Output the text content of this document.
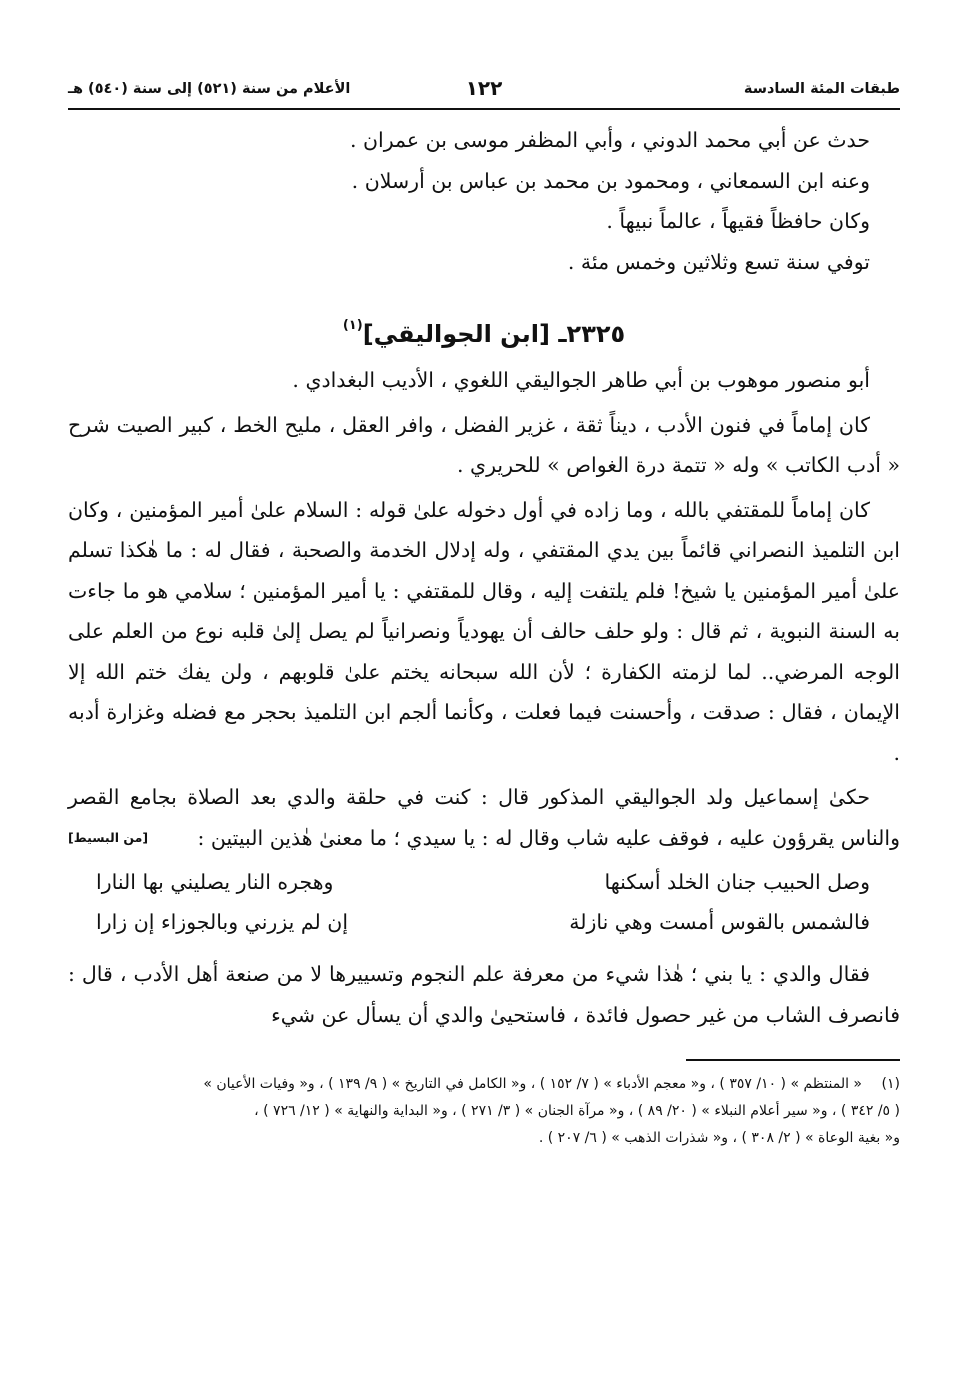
طبقات المئة السادسة
١٢٢
الأعلام من سنة (٥٢١) إلى سنة (٥٤٠) هـ

حدث عن أبي محمد الدوني ، وأبي المظفر موسى بن عمران .

وعنه ابن السمعاني ، ومحمود بن محمد بن عباس بن أرسلان .

وكان حافظاً فقيهاً ، عالماً نبيهاً .

توفي سنة تسع وثلاثين وخمس مئة .

٢٣٢٥ـ [ابن الجواليقي]$^{(١)}$

أبو منصور موهوب بن أبي طاهر الجواليقي اللغوي ، الأديب البغدادي .

كان إماماً في فنون الأدب ، ديناً ثقة ، غزير الفضل ، وافر العقل ، مليح الخط ، كبير الصيت شرح « أدب الكاتب » وله « تتمة درة الغواص » للحريري .

كان إماماً للمقتفي بالله ، وما زاده في أول دخوله علىٰ قوله : السلام علىٰ أمير المؤمنين ، وكان ابن التلميذ النصراني قائماً بين يدي المقتفي ، وله إدلال الخدمة والصحبة ، فقال له : ما هٰكذا تسلم علىٰ أمير المؤمنين يا شيخ! فلم يلتفت إليه ، وقال للمقتفي : يا أمير المؤمنين ؛ سلامي هو ما جاءت به السنة النبوية ، ثم قال : ولو حلف حالف أن يهودياً ونصرانياً لم يصل إلىٰ قلبه نوع من العلم على الوجه المرضي.. لما لزمته الكفارة ؛ لأن الله سبحانه يختم علىٰ قلوبهم ، ولن يفك ختم الله إلا الإيمان ، فقال : صدقت ، وأحسنت فيما فعلت ، وكأنما ألجم ابن التلميذ بحجر مع فضله وغزارة أدبه .

حكىٰ إسماعيل ولد الجواليقي المذكور قال : كنت في حلقة والدي بعد الصلاة بجامع القصر والناس يقرؤون عليه ، فوقف عليه شاب وقال له : يا سيدي ؛ ما معنىٰ هٰذين البيتين :
[من البسيط]

وصل الحبيب جنان الخلد أسكنها
وهجره النار يصليني بها النارا
فالشمس بالقوس أمست وهي نازلة
إن لم يزرني وبالجوزاء إن زارا

فقال والدي : يا بني ؛ هٰذا شيء من معرفة علم النجوم وتسييرها لا من صنعة أهل الأدب ، قال : فانصرف الشاب من غير حصول فائدة ، فاستحيىٰ والدي أن يسأل عن شيء

(١)« المنتظم » ( ١٠/ ٣٥٧ ) ، و« معجم الأدباء » ( ٧/ ١٥٢ ) ، و« الكامل في التاريخ » ( ٩/ ١٣٩ ) ، و« وفيات الأعيان »
( ٥/ ٣٤٢ ) ، و« سير أعلام النبلاء » ( ٢٠/ ٨٩ ) ، و« مرآة الجنان » ( ٣/ ٢٧١ ) ، و« البداية والنهاية » ( ١٢/ ٧٢٦ ) ،
و« بغية الوعاة » ( ٢/ ٣٠٨ ) ، و« شذرات الذهب » ( ٦/ ٢٠٧ ) .
